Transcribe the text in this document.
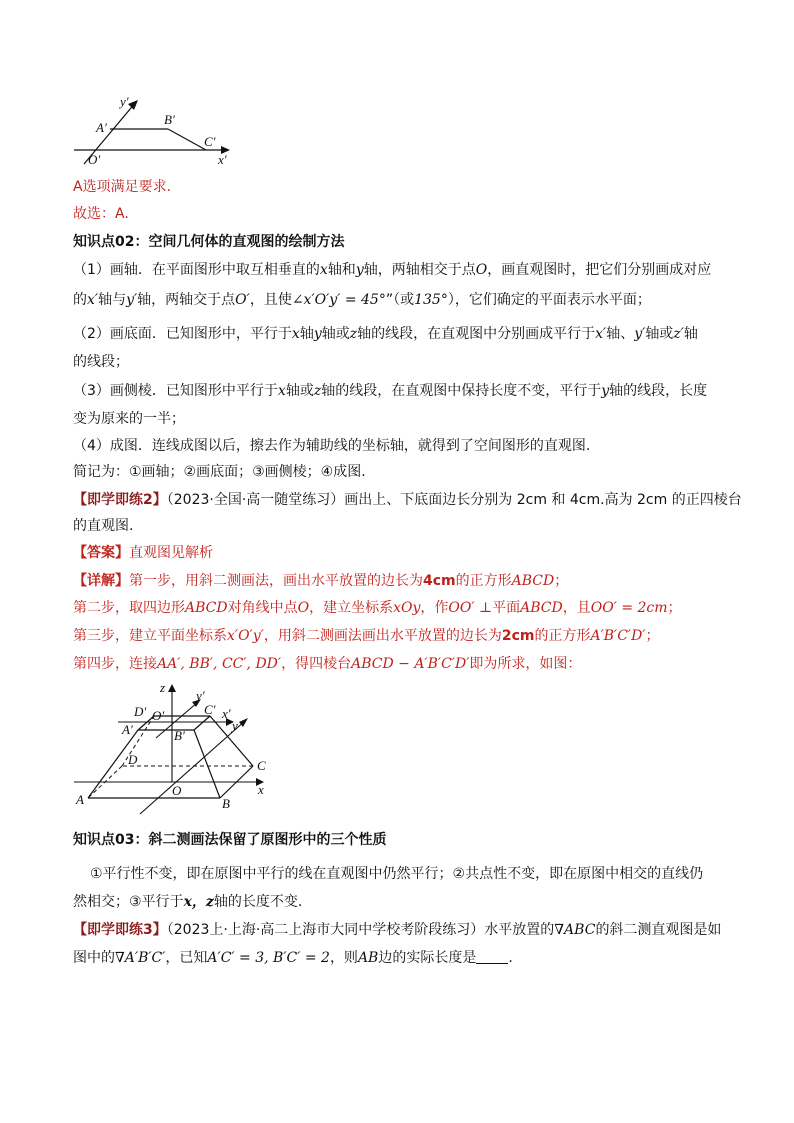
y′
A′
B′
C′
O′	x′
A选项满足要求.
故选：A.
知识点02：空间几何体的直观图的绘制方法
（1）画轴．在平面图形中取互相垂直的x轴和y轴，两轴相交于点O，画直观图时，把它们分别画成对应
的x′轴与y′轴，两轴交于点O′，且使∠x′O′y′ = 45°”（或135°），它们确定的平面表示水平面；
（2）画底面．已知图形中，平行于x轴y轴或z轴的线段，在直观图中分别画成平行于x′轴、y′轴或z′轴
的线段；
（3）画侧棱．已知图形中平行于x轴或z轴的线段，在直观图中保持长度不变，平行于y轴的线段，长度
变为原来的一半；
（4）成图．连线成图以后，擦去作为辅助线的坐标轴，就得到了空间图形的直观图.
简记为：①画轴；②画底面；③画侧棱；④成图.
【即学即练2】（2023·全国·高一随堂练习）画出上、下底面边长分别为 2cm 和 4cm.高为 2cm 的正四棱台
的直观图.
【答案】直观图见解析
【详解】第一步，用斜二测画法，画出水平放置的边长为4cm的正方形ABCD；
第二步，取四边形ABCD对角线中点O，建立坐标系xOy，作OO′ ⊥平面ABCD，且OO′ = 2cm；
第三步，建立平面坐标系x′O′y′，用斜二测画法画出水平放置的边长为2cm的正方形A′B′C′D′；
第四步，连接AA′, BB′, CC′, DD′，得四棱台ABCD − A′B′C′D′即为所求，如图：
z
y′
D′ O′	C′ x′
A′	B′
y
D	C
A
O
B
x
知识点03：斜二测画法保留了原图形中的三个性质
①平行性不变，即在原图中平行的线在直观图中仍然平行；②共点性不变，即在原图中相交的直线仍
然相交；③平行于x，z轴的长度不变.
【即学即练3】（2023上·上海·高二上海市大同中学校考阶段练习）水平放置的∇ABC的斜二测直观图是如
图中的∇A′B′C′，已知A′C′ = 3, B′C′ = 2，则AB边的实际长度是 .
